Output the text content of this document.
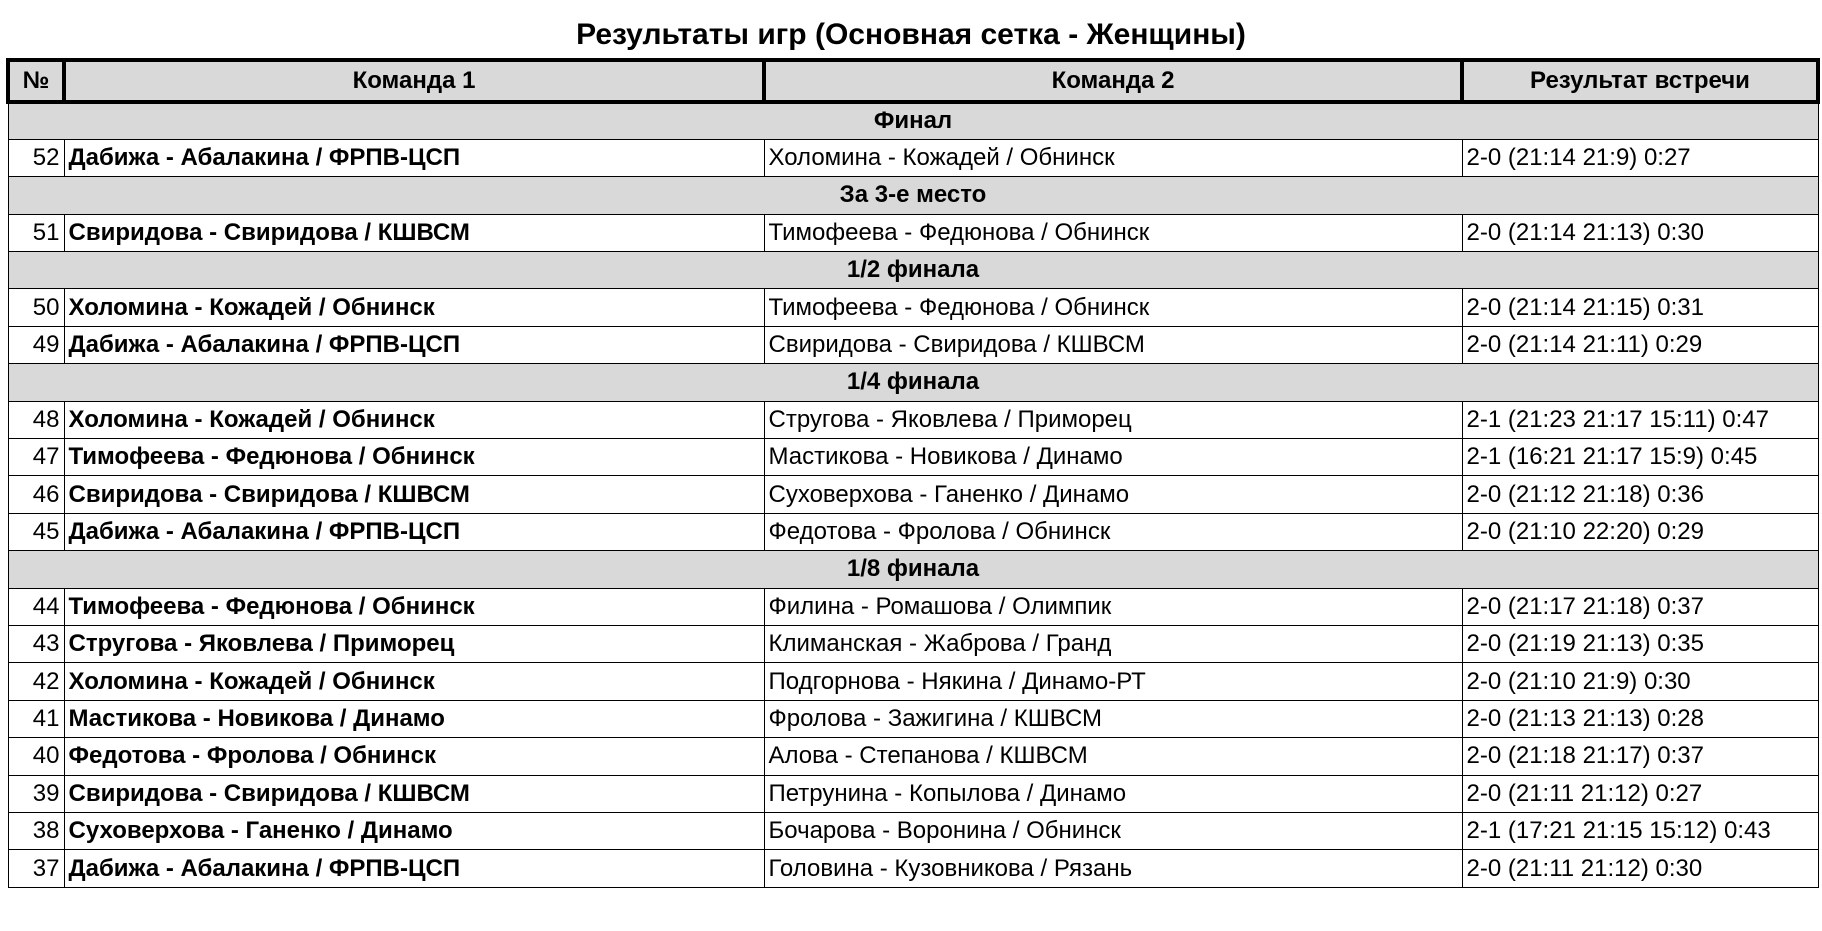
Результаты игр (Основная сетка - Женщины)
№	Команда 1	Команда 2	Результат встречи
Финал			
52	Дабижа - Абалакина / ФРПВ-ЦСП	Холомина - Кожадей / Обнинск	2-0 (21:14 21:9) 0:27
За 3-е место			
51	Свиридова - Свиридова / КШВСМ	Тимофеева - Федюнова / Обнинск	2-0 (21:14 21:13) 0:30
1/2 финала			
50	Холомина - Кожадей / Обнинск	Тимофеева - Федюнова / Обнинск	2-0 (21:14 21:15) 0:31
49	Дабижа - Абалакина / ФРПВ-ЦСП	Свиридова - Свиридова / КШВСМ	2-0 (21:14 21:11) 0:29
1/4 финала			
48	Холомина - Кожадей / Обнинск	Стругова - Яковлева / Приморец	2-1 (21:23 21:17 15:11) 0:47
47	Тимофеева - Федюнова / Обнинск	Мастикова - Новикова / Динамо	2-1 (16:21 21:17 15:9) 0:45
46	Свиридова - Свиридова / КШВСМ	Суховерхова - Ганенко / Динамо	2-0 (21:12 21:18) 0:36
45	Дабижа - Абалакина / ФРПВ-ЦСП	Федотова - Фролова / Обнинск	2-0 (21:10 22:20) 0:29
1/8 финала			
44	Тимофеева - Федюнова / Обнинск	Филина - Ромашова / Олимпик	2-0 (21:17 21:18) 0:37
43	Стругова - Яковлева / Приморец	Климанская - Жаброва / Гранд	2-0 (21:19 21:13) 0:35
42	Холомина - Кожадей / Обнинск	Подгорнова - Някина / Динамо-РТ	2-0 (21:10 21:9) 0:30
41	Мастикова - Новикова / Динамо	Фролова - Зажигина / КШВСМ	2-0 (21:13 21:13) 0:28
40	Федотова - Фролова / Обнинск	Алова - Степанова / КШВСМ	2-0 (21:18 21:17) 0:37
39	Свиридова - Свиридова / КШВСМ	Петрунина - Копылова / Динамо	2-0 (21:11 21:12) 0:27
38	Суховерхова - Ганенко / Динамо	Бочарова - Воронина / Обнинск	2-1 (17:21 21:15 15:12) 0:43
37	Дабижа - Абалакина / ФРПВ-ЦСП	Головина - Кузовникова / Рязань	2-0 (21:11 21:12) 0:30
